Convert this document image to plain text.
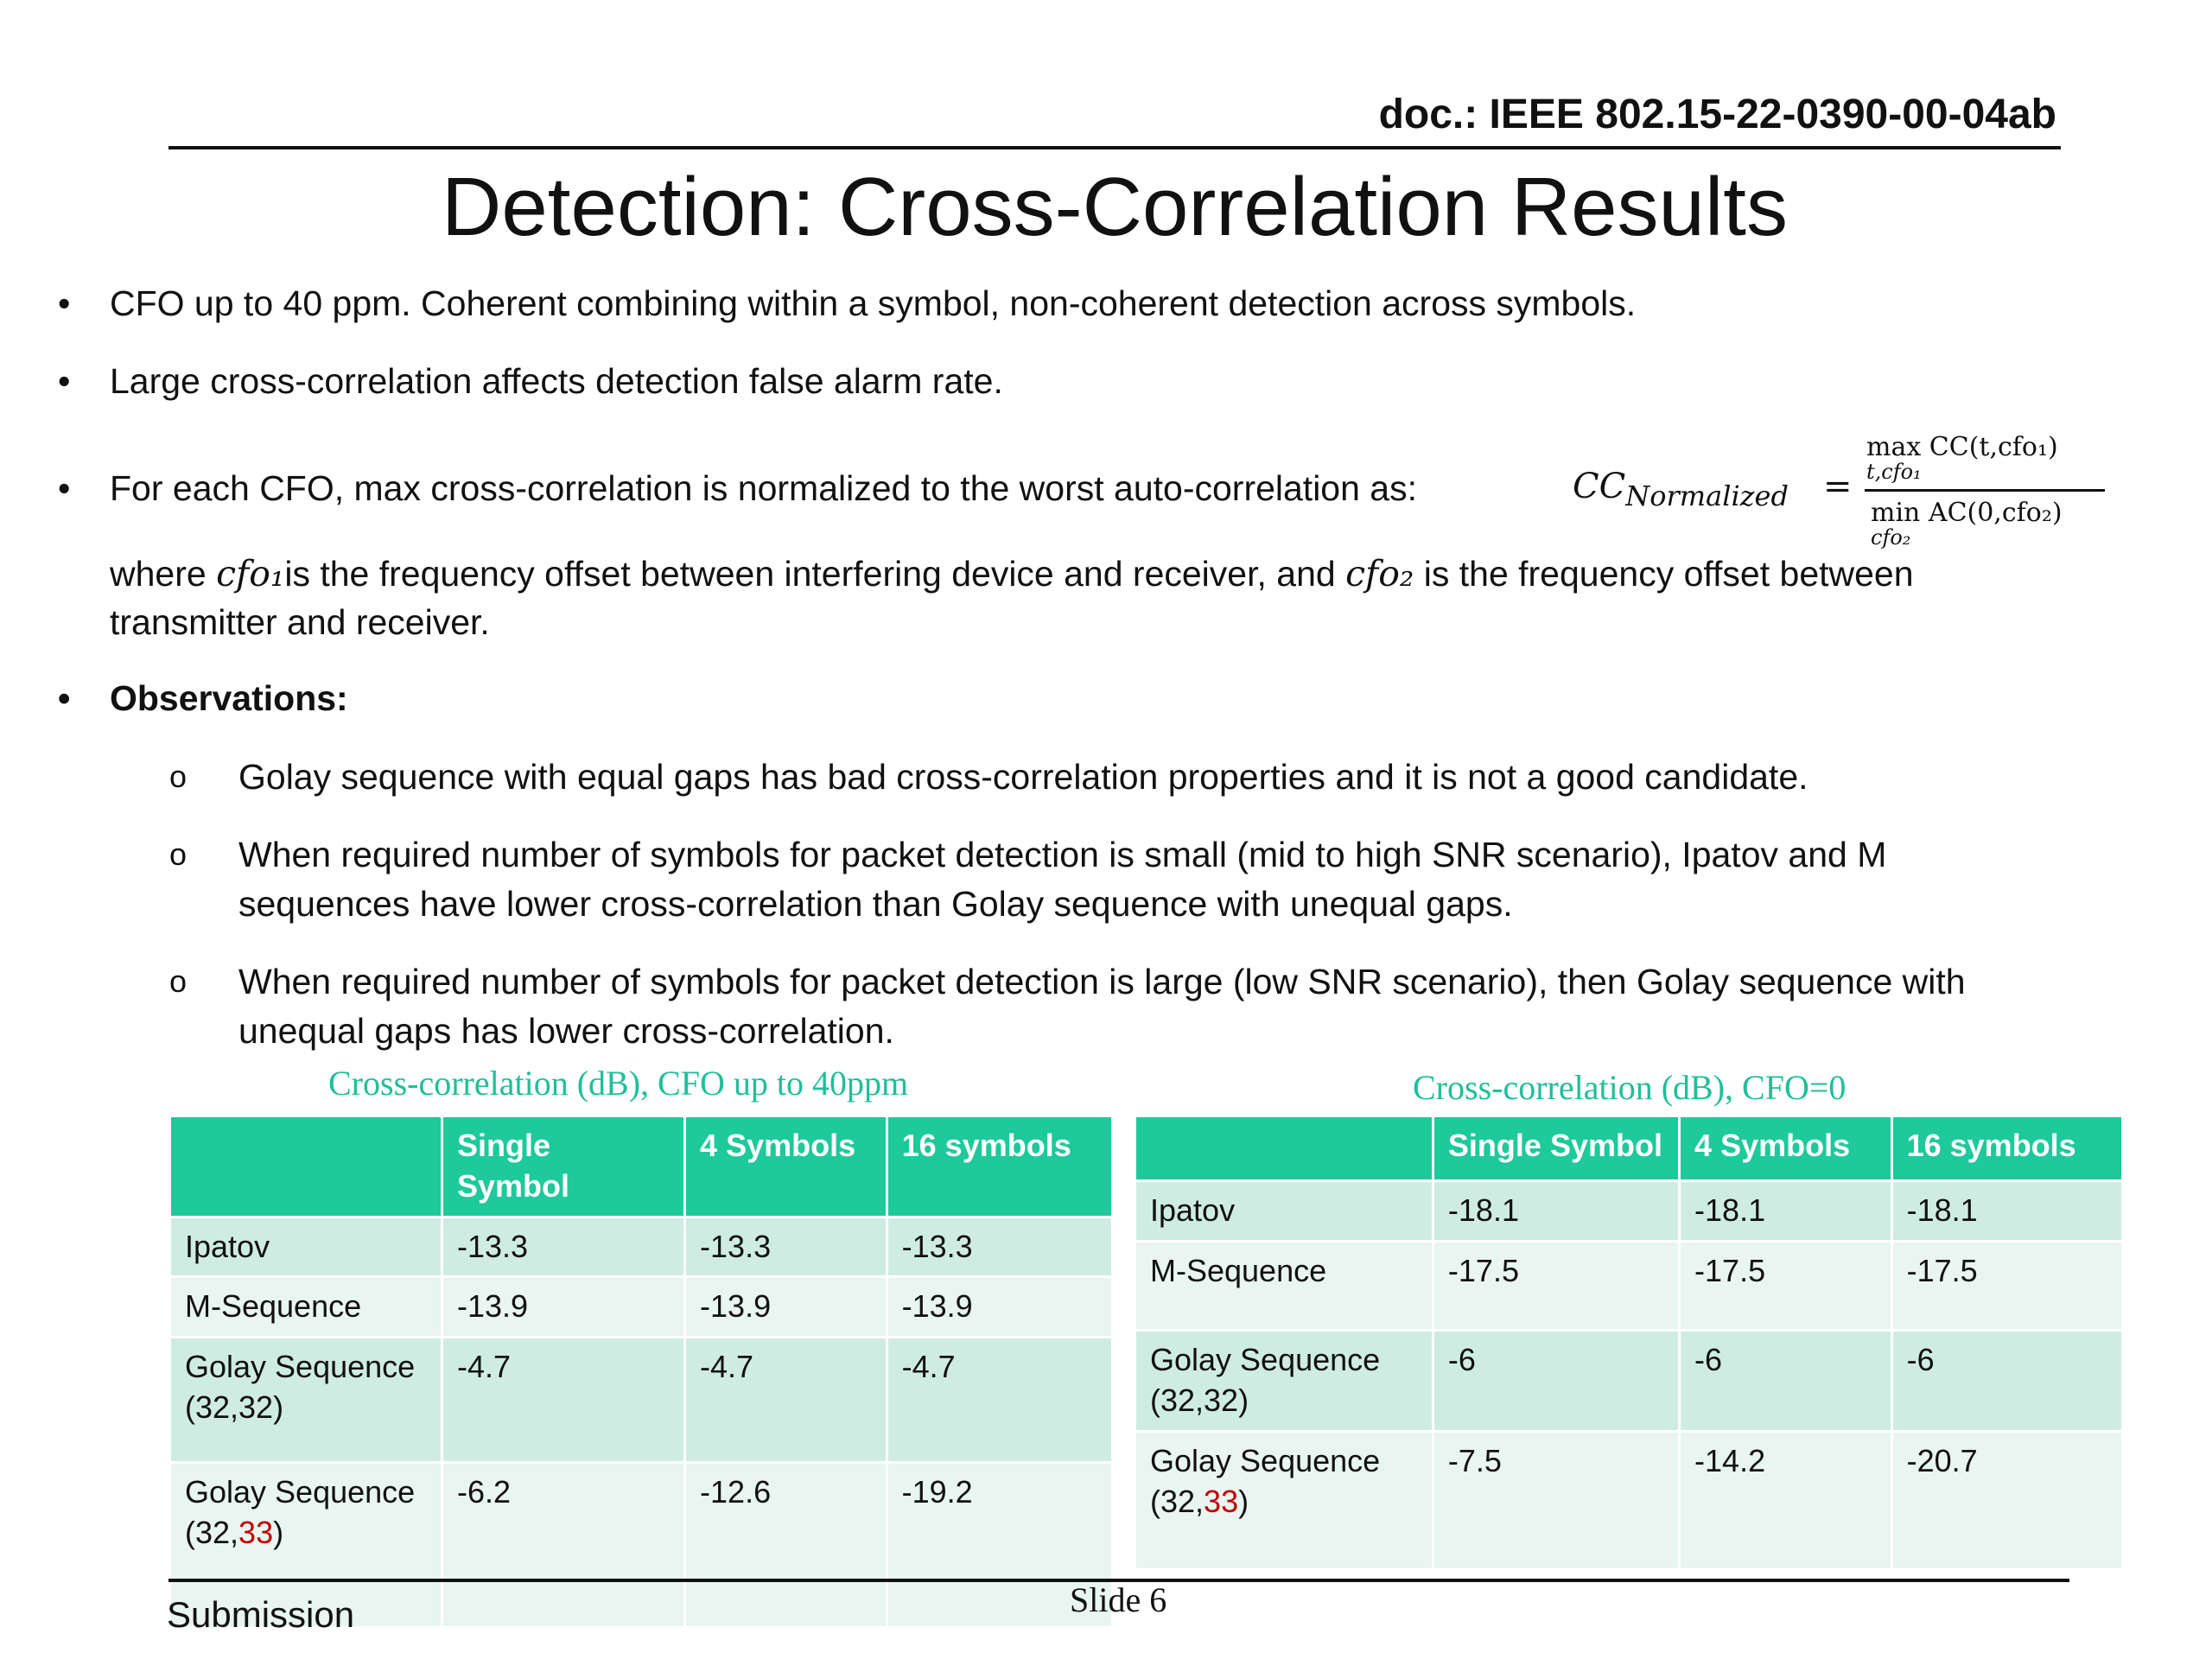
doc.: IEEE 802.15-22-0390-00-04ab
Detection: Cross-Correlation Results
• CFO up to 40 ppm. Coherent combining within a symbol, non-coherent detection across symbols.
• Large cross-correlation affects detection false alarm rate.
• For each CFO, max cross-correlation is normalized to the worst auto-correlation as:	$CC_{Normalized}$ =
max CC(t,cfo₁)
t,cfo₁
min AC(0,cfo₂)
cfo₂
where cfo₁is the frequency offset between interfering device and receiver, and cfo₂ is the frequency offset between
transmitter and receiver.
• Observations:
o Golay sequence with equal gaps has bad cross-correlation properties and it is not a good candidate.
o When required number of symbols for packet detection is small (mid to high SNR scenario), Ipatov and M
sequences have lower cross-correlation than Golay sequence with unequal gaps.
o When required number of symbols for packet detection is large (low SNR scenario), then Golay sequence with
unequal gaps has lower cross-correlation.
Cross-correlation (dB), CFO up to 40ppm	Cross-correlation (dB), CFO=0
	Single Symbol	4 Symbols	16 symbols
Ipatov	-13.3	-13.3	-13.3
M-Sequence	-13.9	-13.9	-13.9
Golay Sequence
(32,32)	-4.7	-4.7	-4.7
Golay Sequence
(32,33)	-6.2	-12.6	-19.2
	Single Symbol	4 Symbols	16 symbols
Ipatov	-18.1	-18.1	-18.1
M-Sequence	-17.5	-17.5	-17.5
Golay Sequence
(32,32)	-6	-6	-6
Golay Sequence
(32,33)	-7.5	-14.2	-20.7
Slide 6
Submission
